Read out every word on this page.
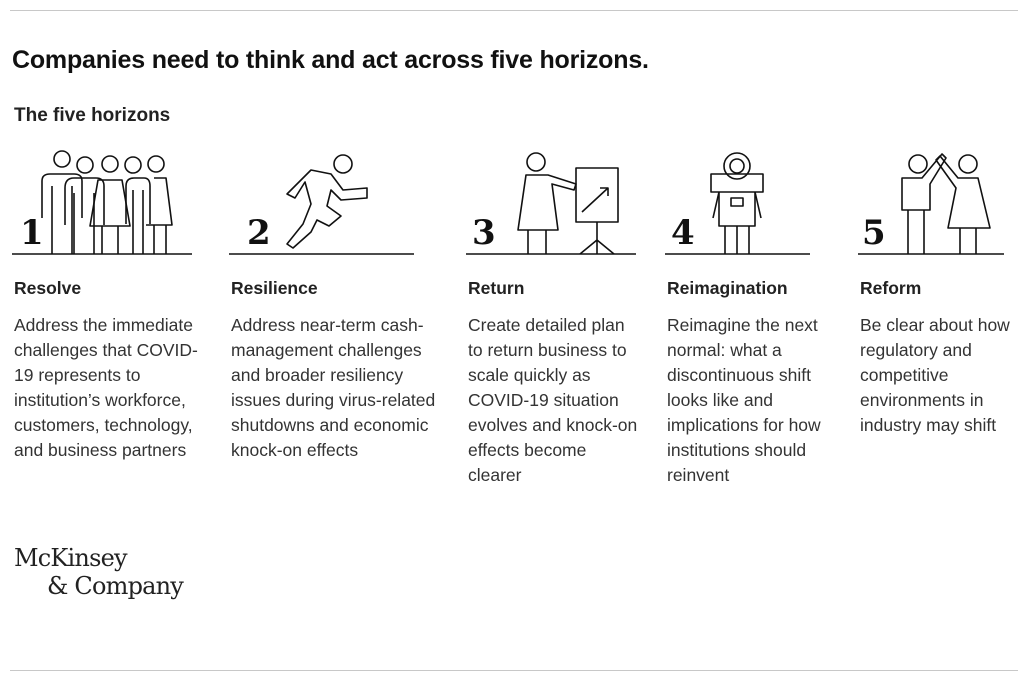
Companies need to think and act across five horizons.
The five horizons
1
Resolve

Address the immediate challenges that COVID-19 represents to institution’s workforce, customers, technology, and business partners

2
Resilience

Address near-term cash-management challenges and broader resiliency issues during virus-related shutdowns and economic knock-on effects

3
Return

Create detailed plan to return business to scale quickly as COVID-19 situation evolves and knock-on effects become clearer

4
Reimagination

Reimagine the next normal: what a discontinuous shift looks like and implications for how institutions should reinvent

5
Reform

Be clear about how regulatory and competitive environments in industry may shift

McKinsey
& Company
